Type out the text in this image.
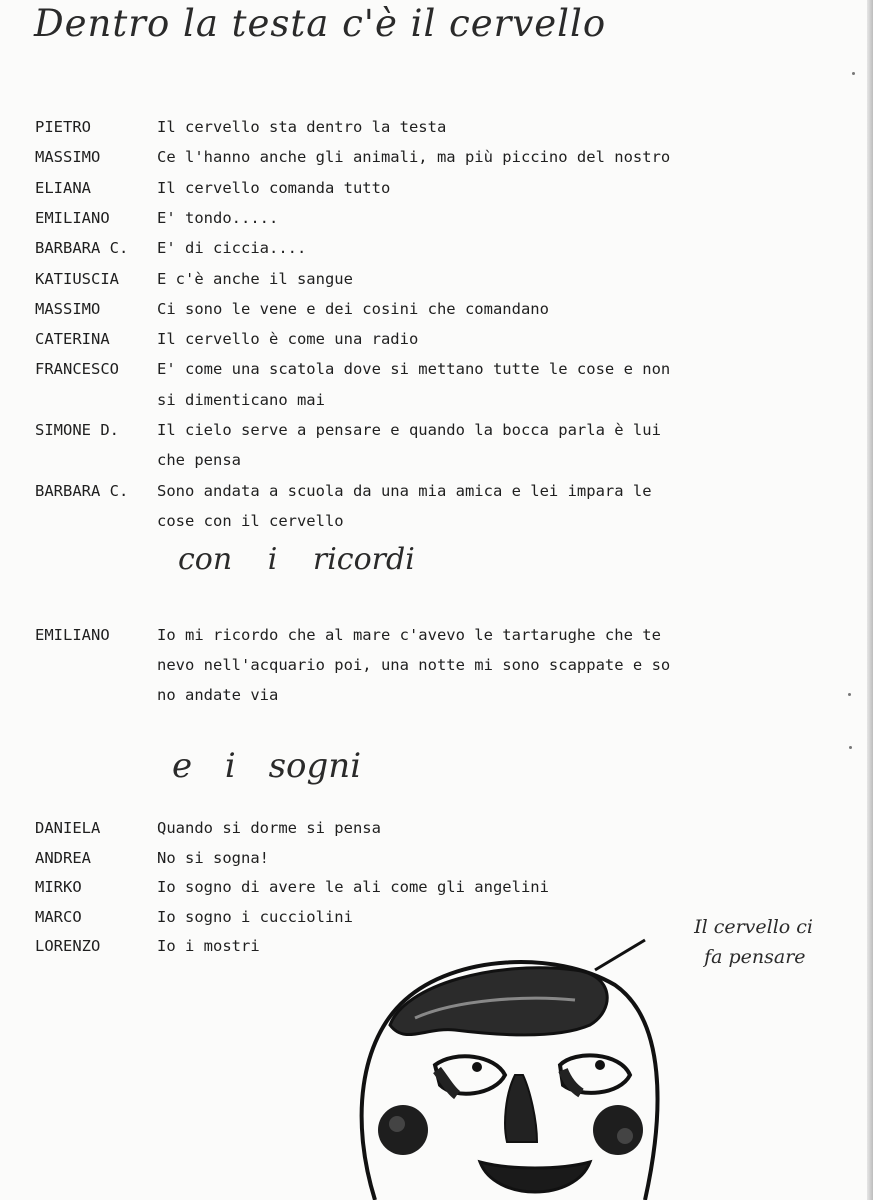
Dentro la testa c'è il cervello
PIETRO	Il cervello sta dentro la testa
MASSIMO	Ce l'hanno anche gli animali, ma più piccino del nostro
ELIANA	Il cervello comanda tutto
EMILIANO	E' tondo.....
BARBARA C. E' di ciccia....
KATIUSCIA E c'è anche il sangue
MASSIMO	Ci sono le vene e dei cosini che comandano
CATERINA	Il cervello è come una radio
FRANCESCO E' come una scatola dove si mettano tutte le cose e non
si dimenticano mai
SIMONE D. Il cielo serve a pensare e quando la bocca parla è lui
che pensa
BARBARA C. Sono andata a scuola da una mia amica e lei impara le
cose con il cervello
con i ricordi
EMILIANO	Io mi ricordo che al mare c'avevo le tartarughe che te
nevo nell'acquario poi, una notte mi sono scappate e so
no andate via
e i sogni
DANIELA	Quando si dorme si pensa
ANDREA	No si sogna!
MIRKO	Io sogno di avere le ali come gli angelini
MARCO	Io sogno i cucciolini
LORENZO	Io i mostri
Il cervello ci
fa pensare
